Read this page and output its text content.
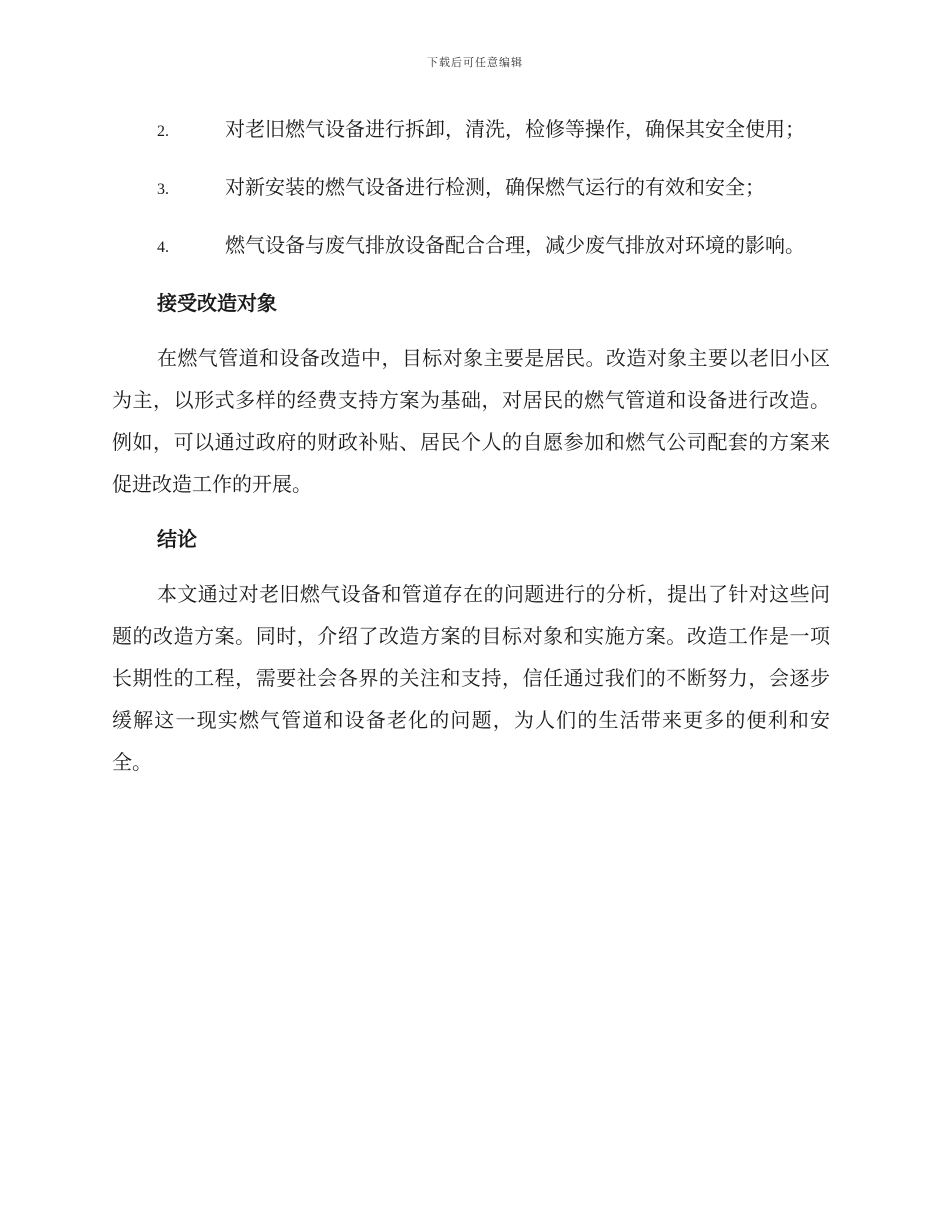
下载后可任意编辑
2.	对老旧燃气设备进行拆卸，清洗，检修等操作，确保其安全使用；
3.	对新安装的燃气设备进行检测，确保燃气运行的有效和安全；
4.	燃气设备与废气排放设备配合合理，减少废气排放对环境的影响。
接受改造对象

在燃气管道和设备改造中，目标对象主要是居民。改造对象主要以老旧小区为主，以形式多样的经费支持方案为基础，对居民的燃气管道和设备进行改造。例如，可以通过政府的财政补贴、居民个人的自愿参加和燃气公司配套的方案来促进改造工作的开展。

结论

本文通过对老旧燃气设备和管道存在的问题进行的分析，提出了针对这些问题的改造方案。同时，介绍了改造方案的目标对象和实施方案。改造工作是一项长期性的工程，需要社会各界的关注和支持，信任通过我们的不断努力，会逐步缓解这一现实燃气管道和设备老化的问题，为人们的生活带来更多的便利和安全。
